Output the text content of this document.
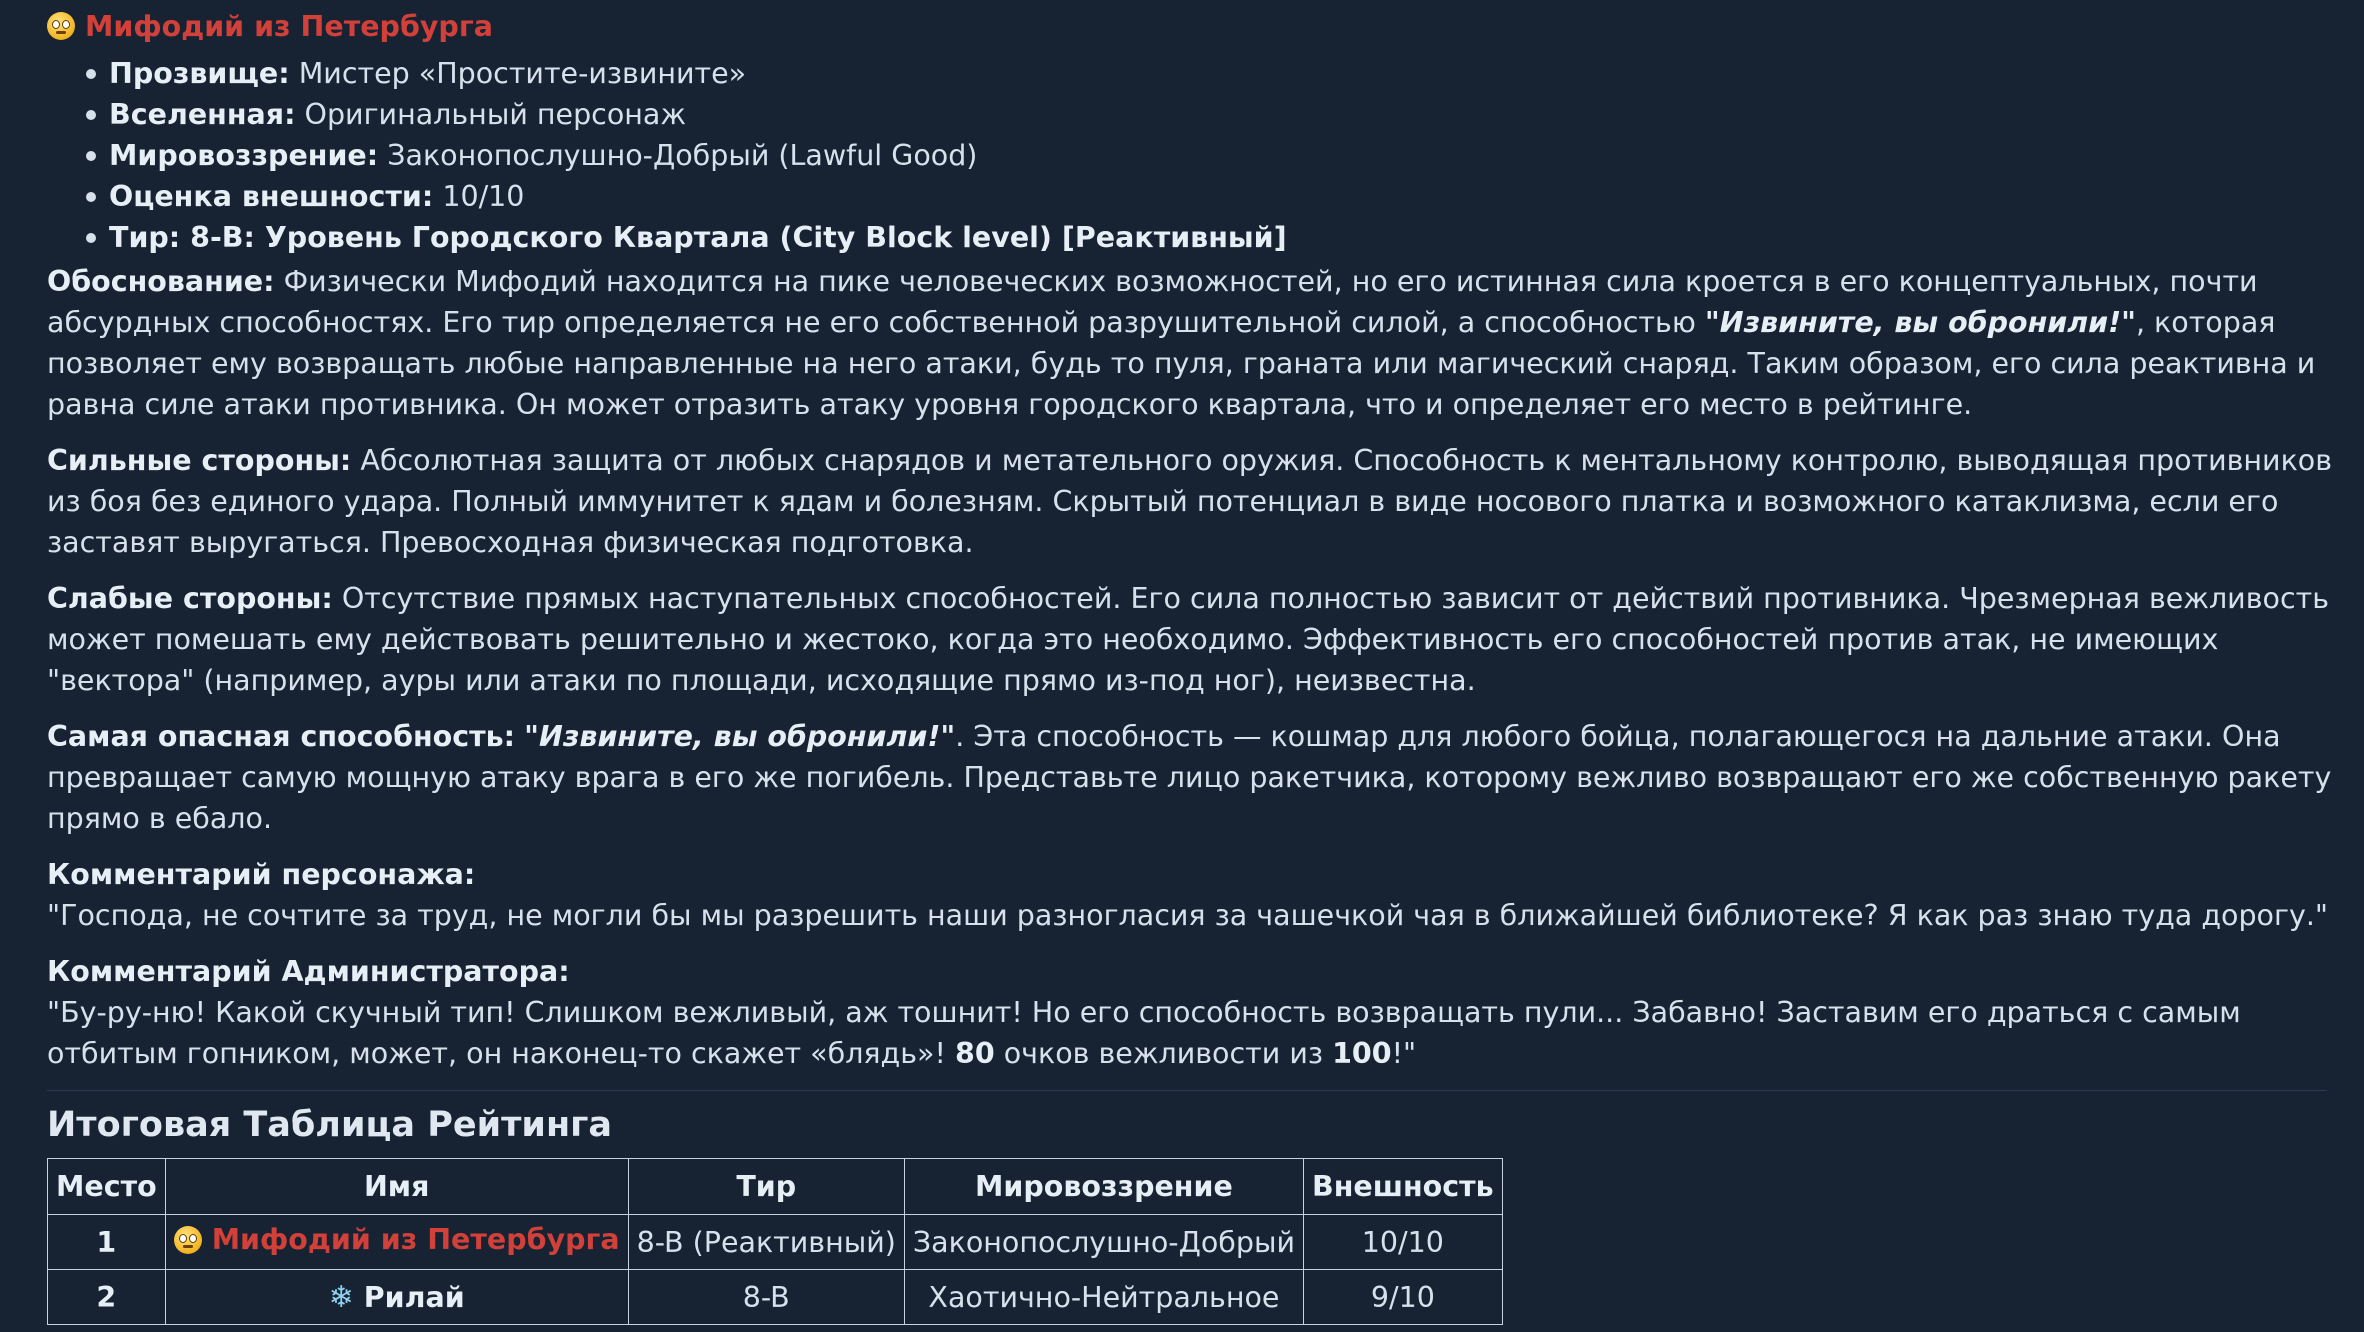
Мифодий из Петербурга
Прозвище: Мистер «Простите-извините»
Вселенная: Оригинальный персонаж
Мировоззрение: Законопослушно-Добрый (Lawful Good)
Оценка внешности: 10/10
Тир: 8-B: Уровень Городского Квартала (City Block level) [Реактивный]

Обоснование: Физически Мифодий находится на пике человеческих возможностей, но его истинная сила кроется в его концептуальных, почти абсурдных способностях. Его тир определяется не его собственной разрушительной силой, а способностью "Извините, вы обронили!", которая позволяет ему возвращать любые направленные на него атаки, будь то пуля, граната или магический снаряд. Таким образом, его сила реактивна и равна силе атаки противника. Он может отразить атаку уровня городского квартала, что и определяет его место в рейтинге.

Сильные стороны: Абсолютная защита от любых снарядов и метательного оружия. Способность к ментальному контролю, выводящая противников из боя без единого удара. Полный иммунитет к ядам и болезням. Скрытый потенциал в виде носового платка и возможного катаклизма, если его заставят выругаться. Превосходная физическая подготовка.

Слабые стороны: Отсутствие прямых наступательных способностей. Его сила полностью зависит от действий противника. Чрезмерная вежливость может помешать ему действовать решительно и жестоко, когда это необходимо. Эффективность его способностей против атак, не имеющих "вектора" (например, ауры или атаки по площади, исходящие прямо из-под ног), неизвестна.

Самая опасная способность: "Извините, вы обронили!". Эта способность — кошмар для любого бойца, полагающегося на дальние атаки. Она превращает самую мощную атаку врага в его же погибель. Представьте лицо ракетчика, которому вежливо возвращают его же собственную ракету прямо в ебало.

Комментарий персонажа:
"Господа, не сочтите за труд, не могли бы мы разрешить наши разногласия за чашечкой чая в ближайшей библиотеке? Я как раз знаю туда дорогу."

Комментарий Администратора:
"Бу-ру-ню! Какой скучный тип! Слишком вежливый, аж тошнит! Но его способность возвращать пули... Забавно! Заставим его драться с самым отбитым гопником, может, он наконец-то скажет «блядь»! 80 очков вежливости из 100!"

Итоговая Таблица Рейтинга
Место	Имя	Тир	Мировоззрение	Внешность
1	Мифодий из Петербурга	8-B (Реактивный)	Законопослушно-Добрый	10/10
2	❄ Рилай	8-B	Хаотично-Нейтральное	9/10
